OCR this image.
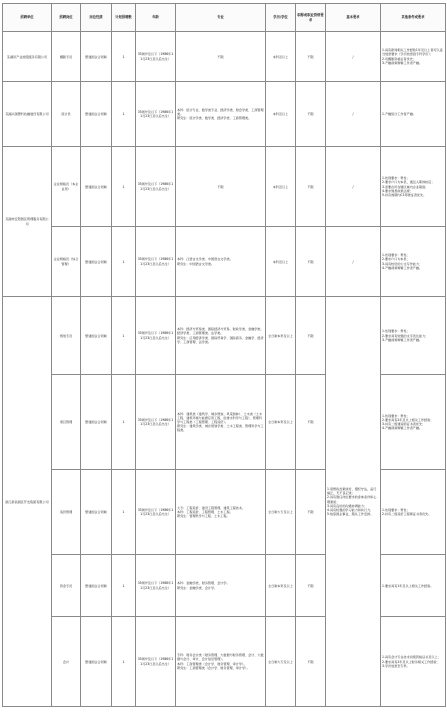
招聘单位	招聘岗位	岗位性质	计划招聘数	年龄	专业	学历/学位	职称或职业资格要求	基本要求	其他条件或要求
芜湖县产业控股服务有限公司	摄影专员	整建国企合同制	1	35周岁及以下（1986年11月23日及以后出生）	不限	本科及以上	不限	/	1.具有新闻相关工作经验1年及以上者可以适当放宽要求（学历放宽到专科学历）；
2.有摄影资格证者优先；
3.产融视频剪辑工作者产融。
芜湖兴国慧科技融建设有限公司	统计员	整建国企合同制	1	35周岁及以下（1986年11月23日及以后出生）	本科：统计专业、数学类专业、经济学类、财会学类、工商管理类。
研究生：统计学类、数学类、经济学类、工商管理类。	本科及以上	不限	/	1.产融统计工作者产融。
芜湖市安阳园区管理服务有限公司	企业网格员（本企业用）	整建国企合同制	1	35周岁及以下（1986年11月23日及以后出生）	不限	本科及以上	不限	/	1.性别要求：男性；
2.要求户口为本县，通过入职体检后；
3.需要在所在辖区域内企业联络；
4.要求熟悉政策法规；
5.持有效期内C1驾驶证者优先。
	企业网格员（综合管理）	整建国企合同制	1	35周岁及以下（1986年11月23日及以后出生）	本科：汉语言文学类、中国语言文学类。
研究生：中国语言文学类。	本科及以上	不限	/	1.性别要求：男性；
2.要求户口为本县；
3.具有较好的公文写作能力；
4.产融视频剪辑工作者产融。
浙江新昌园区开发集团有限公司	规划专员	整建国企合同制	1	35周岁及以下（1986年11月23日及以后出生）	本科：经济与贸易类、国际经济与贸易、财政学类、金融学类、经济学类、工商管理类、法学类。
研究生：应用经济学类、国际贸易学、国际商务、金融学、经济学、工商管理、法学类。	全日制本科及以上	不限	1.思想政治素质好，遵纪守法，品行端正，无不良记录；
2.具有胜任岗位要求的身体条件和心理素质；
3.具有良好的沟通协调能力；
4.具有较强的学习能力和执行力；
5.热爱国企事业，服从工作安排。	1.性别要求：男性；
2.要求具有较强的文字表达能力；
3.产融视频剪辑工作者产融。
	项目管理	整建国企合同制	1	35周岁及以下（1986年11月23日及以后出生）	本科：建筑类（建筑学、城乡规划、风景园林）、土木类（土木工程、建筑环境与能源应用工程、给排水科学与工程）、管理科学与工程类（工程管理、工程造价）。
研究生：建筑学类、城乡规划学类、土木工程类、管理科学与工程类。	全日制本科及以上	不限		1.性别要求：男性；
2.要求具有2年及以上相关工作经验；
3.持有二级建造师证书者优先；
4.产融视频剪辑工作者产融。
	造价管理	整建国企合同制	1	35周岁及以下（1986年11月23日及以后出生）	大专：工程造价、建设工程管理、建筑工程技术。
本科：工程造价、工程管理、土木工程。
研究生：管理科学与工程、土木工程。	全日制大专及以上	不限		1.性别要求：男性；
2.持有二级造价工程师证书者优先。
	资金专员	整建国企合同制	1	35周岁及以下（1986年11月23日及以后出生）	本科：金融学类、财务管理、会计学。
研究生：金融学类、会计学。	全日制本科及以上	不限		1.要求具有1年及以上相关工作经验。
	会计	整建国企合同制	1	35周岁及以下（1986年11月23日及以后出生）	专科：财务会计类（财务管理、大数据与财务管理、会计、大数据与会计、审计、会计信息管理）。
本科：工商管理类（会计学、财务管理、审计学）。
研究生：工商管理类（会计学、财务管理、审计学）。	全日制大专及以上	不限		1.具有会计专业技术初级资格证书及以上；
2.要求具有2年及以上财务相关工作经验；
3.学历放宽至专科。
